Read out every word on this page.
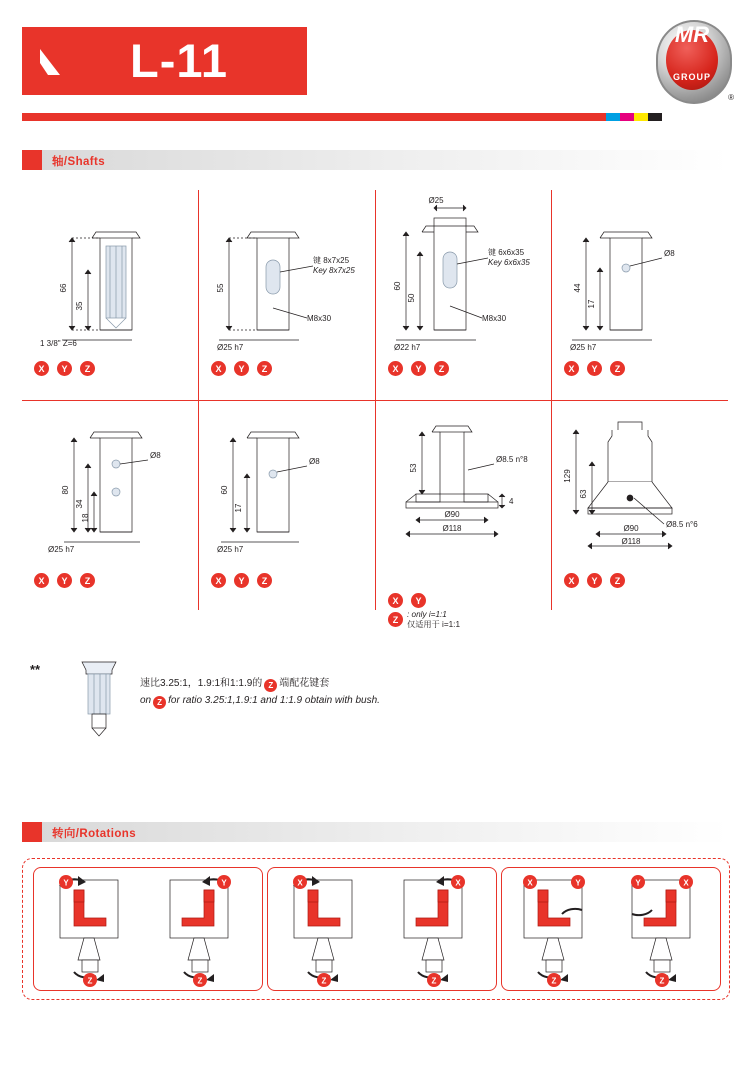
L-11	MR
GROUP
®
轴/Shafts
66
35
1 3/8" Z=6
X	Y	Z
55
键 8x7x25
Key 8x7x25
M8x30
Ø25 h7
X	Y	Z
Ø25
60
50
键 6x6x35
Key 6x6x35
M8x30
Ø22 h7
X	Y	Z
44
17
Ø8
Ø25 h7
X	Y	Z
80
34
18
Ø8
Ø25 h7
X	Y	Z
60
17
Ø8
Ø25 h7
X	Y	Z
53
Ø8.5 n°8
Ø90
Ø118
4
X	Y
Z	: only i=1:1
仅适用于 i=1:1
129
63
Ø8.5 n°6
Ø90
Ø118
X	Y	Z
**
速比3.25:1，1.9:1和1:1.9的 Z 端配花键套
on Z for ratio 3.25:1,1.9:1 and 1:1.9 obtain with bush.
转向/Rotations
Y
Z
Y
Z
X
Z
X
Z
X	Y
Z
Y	X
Z
